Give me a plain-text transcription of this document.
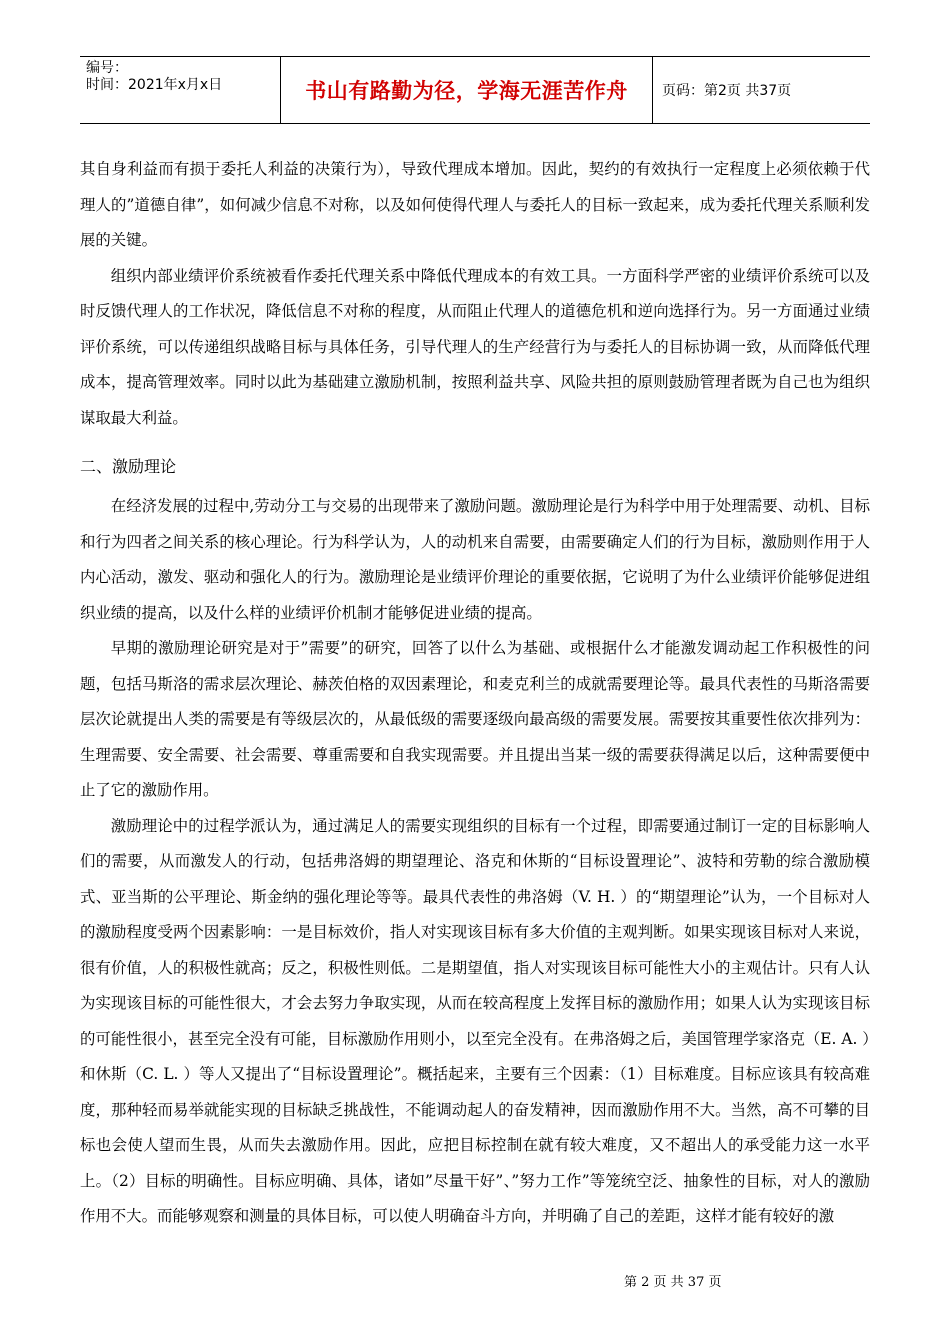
编号：
时间：2021年x月x日	书山有路勤为径，学海无涯苦作舟	页码：第2页 共37页

其自身利益而有损于委托人利益的决策行为），导致代理成本增加。因此，契约的有效执行一定程度上必须依赖于代理人的”道德自律”，如何减少信息不对称，以及如何使得代理人与委托人的目标一致起来，成为委托代理关系顺利发展的关键。

组织内部业绩评价系统被看作委托代理关系中降低代理成本的有效工具。一方面科学严密的业绩评价系统可以及时反馈代理人的工作状况，降低信息不对称的程度，从而阻止代理人的道德危机和逆向选择行为。另一方面通过业绩评价系统，可以传递组织战略目标与具体任务，引导代理人的生产经营行为与委托人的目标协调一致，从而降低代理成本，提高管理效率。同时以此为基础建立激励机制，按照利益共享、风险共担的原则鼓励管理者既为自己也为组织谋取最大利益。

二、激励理论

在经济发展的过程中,劳动分工与交易的出现带来了激励问题。激励理论是行为科学中用于处理需要、动机、目标和行为四者之间关系的核心理论。行为科学认为，人的动机来自需要，由需要确定人们的行为目标，激励则作用于人内心活动，激发、驱动和强化人的行为。激励理论是业绩评价理论的重要依据，它说明了为什么业绩评价能够促进组织业绩的提高，以及什么样的业绩评价机制才能够促进业绩的提高。

早期的激励理论研究是对于”需要”的研究，回答了以什么为基础、或根据什么才能激发调动起工作积极性的问题，包括马斯洛的需求层次理论、赫茨伯格的双因素理论，和麦克利兰的成就需要理论等。最具代表性的马斯洛需要层次论就提出人类的需要是有等级层次的，从最低级的需要逐级向最高级的需要发展。需要按其重要性依次排列为：生理需要、安全需要、社会需要、尊重需要和自我实现需要。并且提出当某一级的需要获得满足以后，这种需要便中止了它的激励作用。

激励理论中的过程学派认为，通过满足人的需要实现组织的目标有一个过程，即需要通过制订一定的目标影响人们的需要，从而激发人的行动，包括弗洛姆的期望理论、洛克和休斯的“目标设置理论”、波特和劳勒的综合激励模式、亚当斯的公平理论、斯金纳的强化理论等等。最具代表性的弗洛姆（V. H. ）的“期望理论”认为，一个目标对人的激励程度受两个因素影响：一是目标效价，指人对实现该目标有多大价值的主观判断。如果实现该目标对人来说，很有价值，人的积极性就高；反之，积极性则低。二是期望值，指人对实现该目标可能性大小的主观估计。只有人认为实现该目标的可能性很大，才会去努力争取实现，从而在较高程度上发挥目标的激励作用；如果人认为实现该目标的可能性很小，甚至完全没有可能，目标激励作用则小，以至完全没有。在弗洛姆之后，美国管理学家洛克（E. A. ）和休斯（C. L. ）等人又提出了“目标设置理论”。概括起来，主要有三个因素：（1）目标难度。目标应该具有较高难度，那种轻而易举就能实现的目标缺乏挑战性，不能调动起人的奋发精神，因而激励作用不大。当然，高不可攀的目标也会使人望而生畏，从而失去激励作用。因此，应把目标控制在就有较大难度，又不超出人的承受能力这一水平上。（2）目标的明确性。目标应明确、具体，诸如”尽量干好”、”努力工作”等笼统空泛、抽象性的目标，对人的激励作用不大。而能够观察和测量的具体目标，可以使人明确奋斗方向，并明确了自己的差距，这样才能有较好的激

第 2 页 共 37 页
